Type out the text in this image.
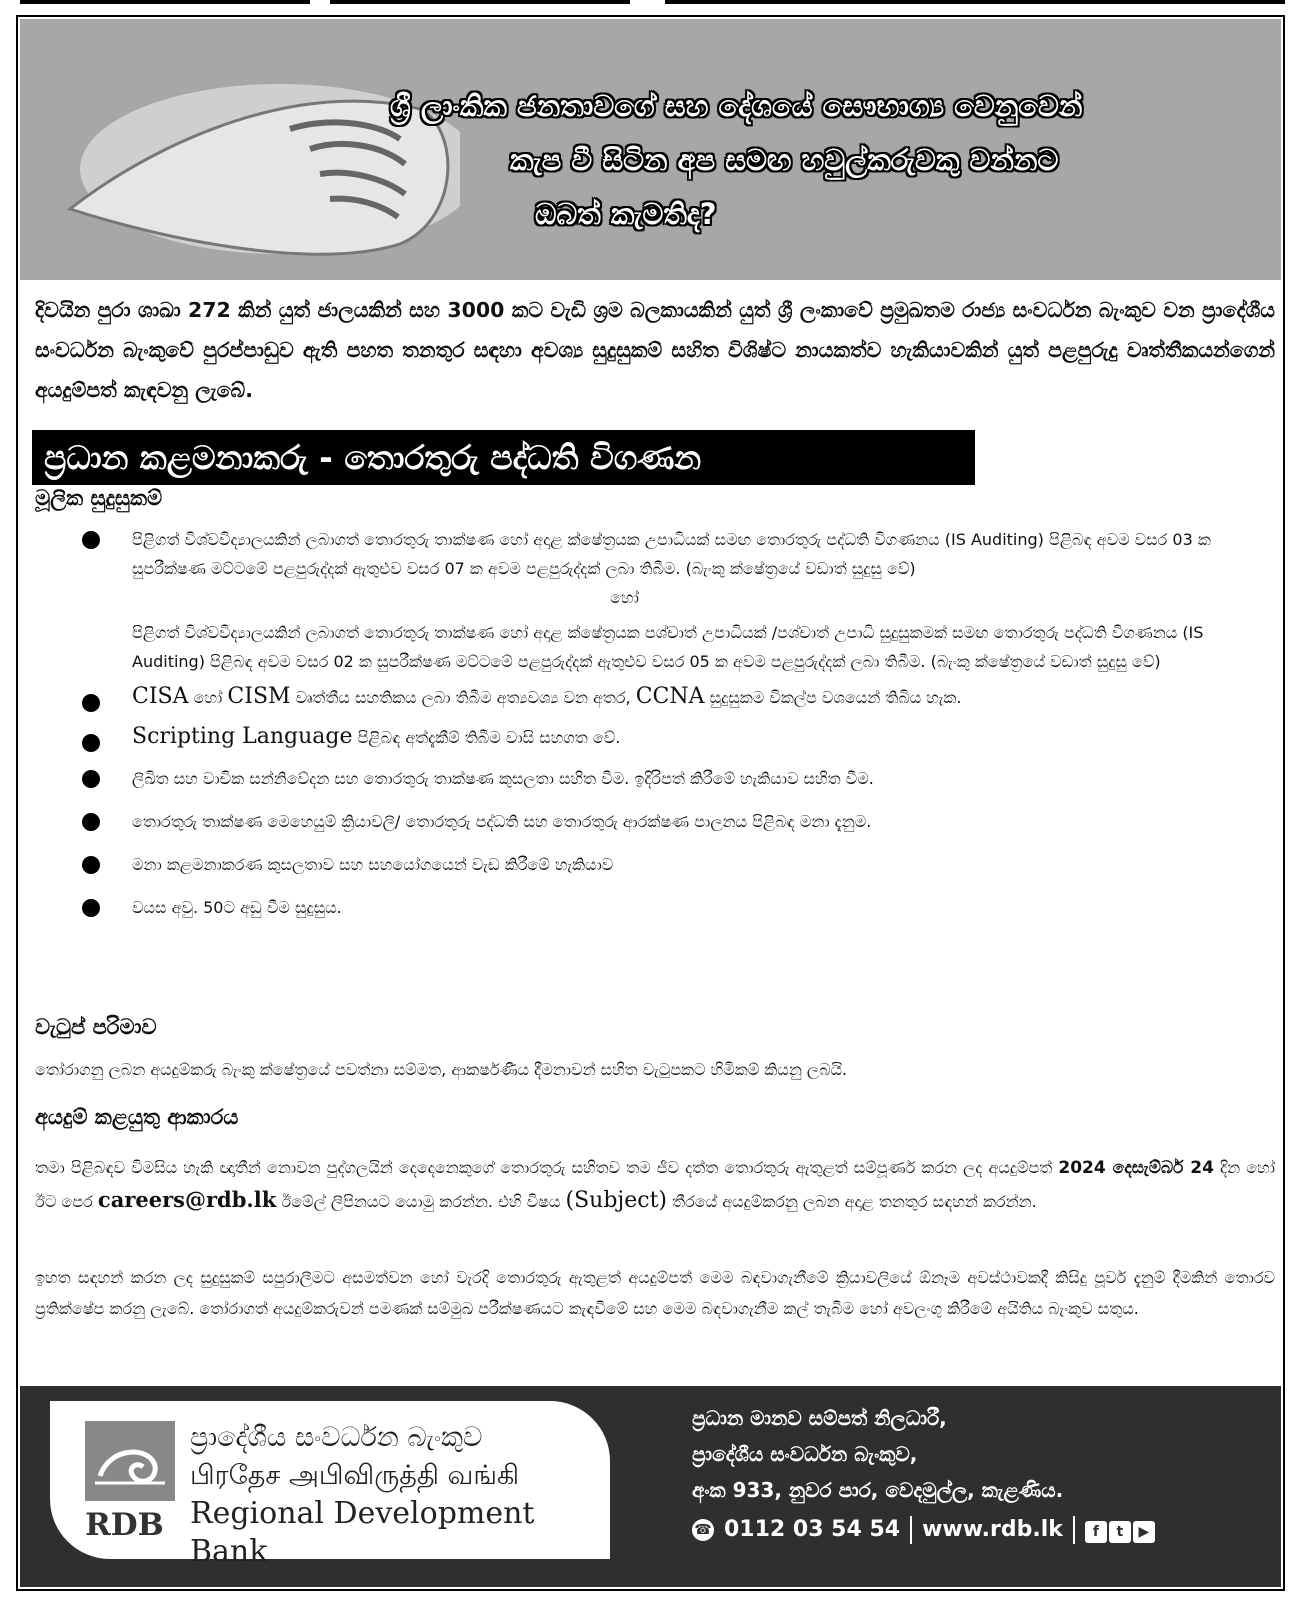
ශ්‍රී ලාංකික ජනතාවගේ සහ දේශයේ සෞභාග්‍ය වෙනුවෙන්
කැප වී සිටින අප සමඟ හවුල්කරුවකු වන්නට
ඔබත් කැමතිද?
දිවයින පුරා ශාඛා 272 කින් යුත් ජාලයකින් සහ 3000 කට වැඩි ශ්‍රම බලකායකින් යුත් ශ්‍රී ලංකාවේ ප්‍රමුඛතම රාජ්‍ය සංවර්ධන බැංකුව වන ප්‍රාදේශීය සංවර්ධන බැංකුවේ පුරප්පාඩුව ඇති පහත තනතුර සඳහා අවශ්‍ය සුදුසුකම් සහිත විශිෂ්ට නායකත්ව හැකියාවකින් යුත් පළපුරුදු වෘත්තීකයන්ගෙන් අයදුම්පත් කැඳවනු ලැබේ.
ප්‍රධාන කළමනාකරු - තොරතුරු පද්ධති විගණන
මූලික සුදුසුකම්
පිළිගත් විශ්වවිද්‍යාලයකින් ලබාගත් තොරතුරු තාක්ෂණ හෝ අදාළ ක්ෂේත්‍රයක උපාධියක් සමඟ තොරතුරු පද්ධති විගණනය (IS Auditing) පිළිබඳ අවම වසර 03 ක සුපරීක්ෂණ මට්ටමේ පළපුරුද්දක් ඇතුළුව වසර 07 ක අවම පළපුරුද්දක් ලබා තිබීම. (බැංකු ක්ෂේත්‍රයේ වඩාත් සුදුසු වේ)
හෝ
පිළිගත් විශ්වවිද්‍යාලයකින් ලබාගත් තොරතුරු තාක්ෂණ හෝ අදාළ ක්ෂේත්‍රයක පශ්චාත් උපාධියක් /පශ්චාත් උපාධි සුදුසුකමක් සමඟ තොරතුරු පද්ධති විගණනය (IS Auditing) පිළිබඳ අවම වසර 02 ක සුපරීක්ෂණ මට්ටමේ පළපුරුද්දක් ඇතුළුව වසර 05 ක අවම පළපුරුද්දක් ලබා තිබීම. (බැංකු ක්ෂේත්‍රයේ වඩාත් සුදුසු වේ)
CISA හෝ CISM වෘත්තීය සහතිකය ලබා තිබීම අත්‍යවශ්‍ය වන අතර, CCNA සුදුසුකම විකල්ප වශයෙන් තිබිය හැක.
Scripting Language පිළිබඳ අත්දැකීම් තිබීම වාසි සහගත වේ.
ලිඛිත සහ වාචික සන්නිවේදන සහ තොරතුරු තාක්ෂණ කුසලතා සහිත වීම. ඉදිරිපත් කිරීමේ හැකියාව සහිත වීම.
තොරතුරු තාක්ෂණ මෙහෙයුම් ක්‍රියාවලි/ තොරතුරු පද්ධති සහ තොරතුරු ආරක්ෂණ පාලනය පිළිබඳ මනා දැනුම.
මනා කළමනාකරණ කුසලතාව සහ සහයෝගයෙන් වැඩ කිරීමේ හැකියාව
වයස අවු. 50ට අඩු වීම සුදුසුය.
වැටුප් පරිමාව
තෝරාගනු ලබන අයදුම්කරු බැංකු ක්ෂේත්‍රයේ පවත්නා සම්මත, ආකර්ෂණීය දීමනාවන් සහිත වැටුපකට හිමිකම් කියනු ලබයි.
අයදුම් කළයුතු ආකාරය
තමා පිළිබඳව විමසිය හැකි ඥාතීන් නොවන පුද්ගලයින් දෙදෙනෙකුගේ තොරතුරු සහිතව තම ජීව දත්ත තොරතුරු ඇතුළත් සම්පූර්ණ කරන ලද අයදුම්පත් 2024 දෙසැම්බර් 24 දින හෝ ඊට පෙර careers@rdb.lk ඊමේල් ලිපිනයට යොමු කරන්න. එහි විෂය (Subject) තීරයේ අයදුම්කරනු ලබන අදාළ තනතුර සඳහන් කරන්න.
ඉහත සඳහන් කරන ලද සුදුසුකම් සපුරාලීමට අසමත්වන හෝ වැරදි තොරතුරු ඇතුළත් අයදුම්පත් මෙම බඳවාගැනීමේ ක්‍රියාවලියේ ඕනෑම අවස්ථාවකදී කිසිදු පූර්ව දැනුම් දීමකින් තොරව ප්‍රතික්ෂේප කරනු ලැබේ. තෝරාගත් අයදුම්කරුවන් පමණක් සම්මුඛ පරීක්ෂණයට කැඳවීමේ සහ මෙම බඳවාගැනීම කල් තැබීම හෝ අවලංගු කිරීමේ අයිතිය බැංකුව සතුය.
RDB
ප්‍රාදේශීය සංවර්ධන බැංකුව
பிரதேச அபிவிருத்தி வங்கி
Regional Development Bank
ප්‍රධාන මානව සම්පත් නිලධාරී,
ප්‍රාදේශීය සංවර්ධන බැංකුව,
අංක 933, නුවර පාර, වෙදමුල්ල, කැළණිය.
☎ 0112 03 54 54 www.rdb.lk	f t ▶
